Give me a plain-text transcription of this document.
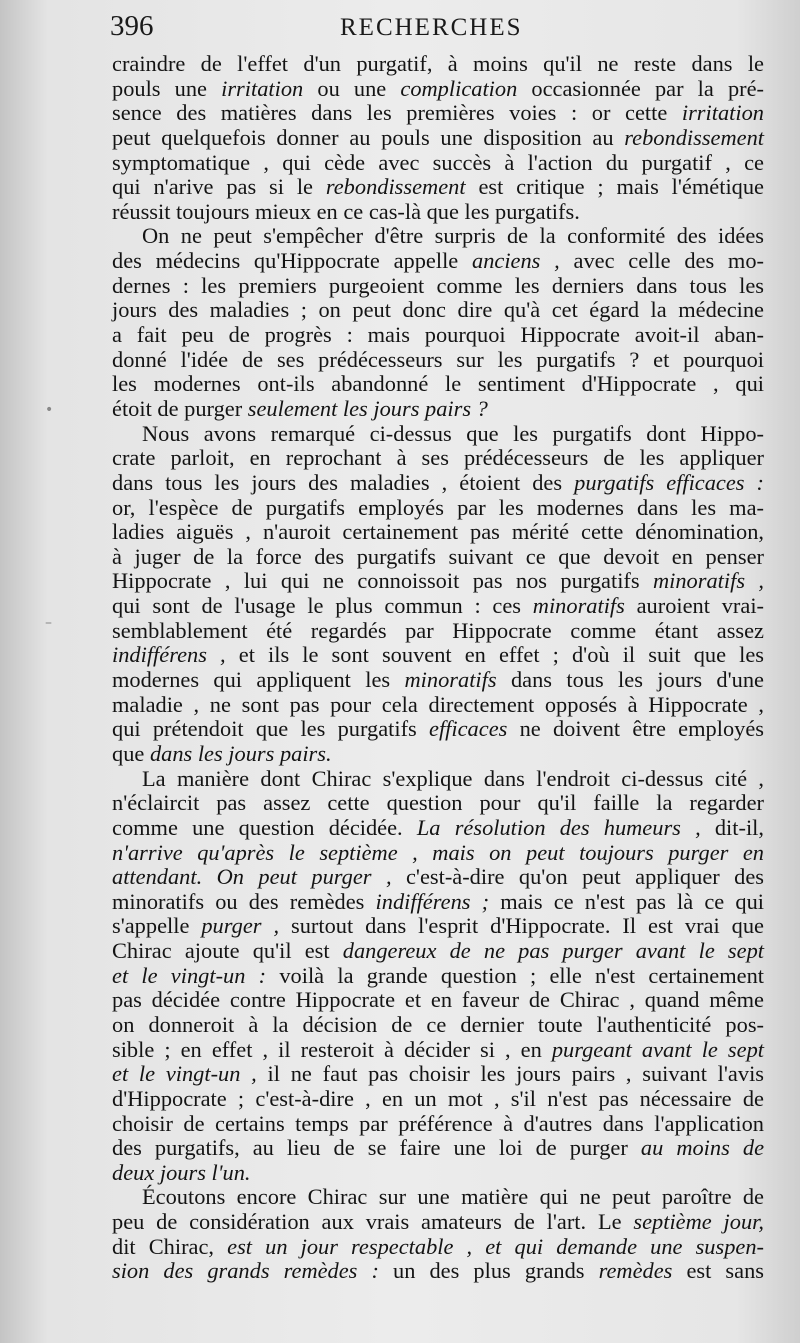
396	RECHERCHES
•
–
craindre de l'effet d'un purgatif, à moins qu'il ne reste dans le
pouls une irritation ou une complication occasionnée par la pré-
sence des matières dans les premières voies : or cette irritation
peut quelquefois donner au pouls une disposition au rebondissement
symptomatique , qui cède avec succès à l'action du purgatif , ce
qui n'arive pas si le rebondissement est critique ; mais l'émétique
réussit toujours mieux en ce cas-là que les purgatifs.
On ne peut s'empêcher d'être surpris de la conformité des idées
des médecins qu'Hippocrate appelle anciens , avec celle des mo-
dernes : les premiers purgeoient comme les derniers dans tous les
jours des maladies ; on peut donc dire qu'à cet égard la médecine
a fait peu de progrès : mais pourquoi Hippocrate avoit-il aban-
donné l'idée de ses prédécesseurs sur les purgatifs ? et pourquoi
les modernes ont-ils abandonné le sentiment d'Hippocrate , qui
étoit de purger seulement les jours pairs ?
Nous avons remarqué ci-dessus que les purgatifs dont Hippo-
crate parloit, en reprochant à ses prédécesseurs de les appliquer
dans tous les jours des maladies , étoient des purgatifs efficaces :
or, l'espèce de purgatifs employés par les modernes dans les ma-
ladies aiguës , n'auroit certainement pas mérité cette dénomination,
à juger de la force des purgatifs suivant ce que devoit en penser
Hippocrate , lui qui ne connoissoit pas nos purgatifs minoratifs ,
qui sont de l'usage le plus commun : ces minoratifs auroient vrai-
semblablement été regardés par Hippocrate comme étant assez
indifférens , et ils le sont souvent en effet ; d'où il suit que les
modernes qui appliquent les minoratifs dans tous les jours d'une
maladie , ne sont pas pour cela directement opposés à Hippocrate ,
qui prétendoit que les purgatifs efficaces ne doivent être employés
que dans les jours pairs.
La manière dont Chirac s'explique dans l'endroit ci-dessus cité ,
n'éclaircit pas assez cette question pour qu'il faille la regarder
comme une question décidée. La résolution des humeurs , dit-il,
n'arrive qu'après le septième , mais on peut toujours purger en
attendant. On peut purger , c'est-à-dire qu'on peut appliquer des
minoratifs ou des remèdes indifférens ; mais ce n'est pas là ce qui
s'appelle purger , surtout dans l'esprit d'Hippocrate. Il est vrai que
Chirac ajoute qu'il est dangereux de ne pas purger avant le sept
et le vingt-un : voilà la grande question ; elle n'est certainement
pas décidée contre Hippocrate et en faveur de Chirac , quand même
on donneroit à la décision de ce dernier toute l'authenticité pos-
sible ; en effet , il resteroit à décider si , en purgeant avant le sept
et le vingt-un , il ne faut pas choisir les jours pairs , suivant l'avis
d'Hippocrate ; c'est-à-dire , en un mot , s'il n'est pas nécessaire de
choisir de certains temps par préférence à d'autres dans l'application
des purgatifs, au lieu de se faire une loi de purger au moins de
deux jours l'un.
Écoutons encore Chirac sur une matière qui ne peut paroître de
peu de considération aux vrais amateurs de l'art. Le septième jour,
dit Chirac, est un jour respectable , et qui demande une suspen-
sion des grands remèdes : un des plus grands remèdes est sans
